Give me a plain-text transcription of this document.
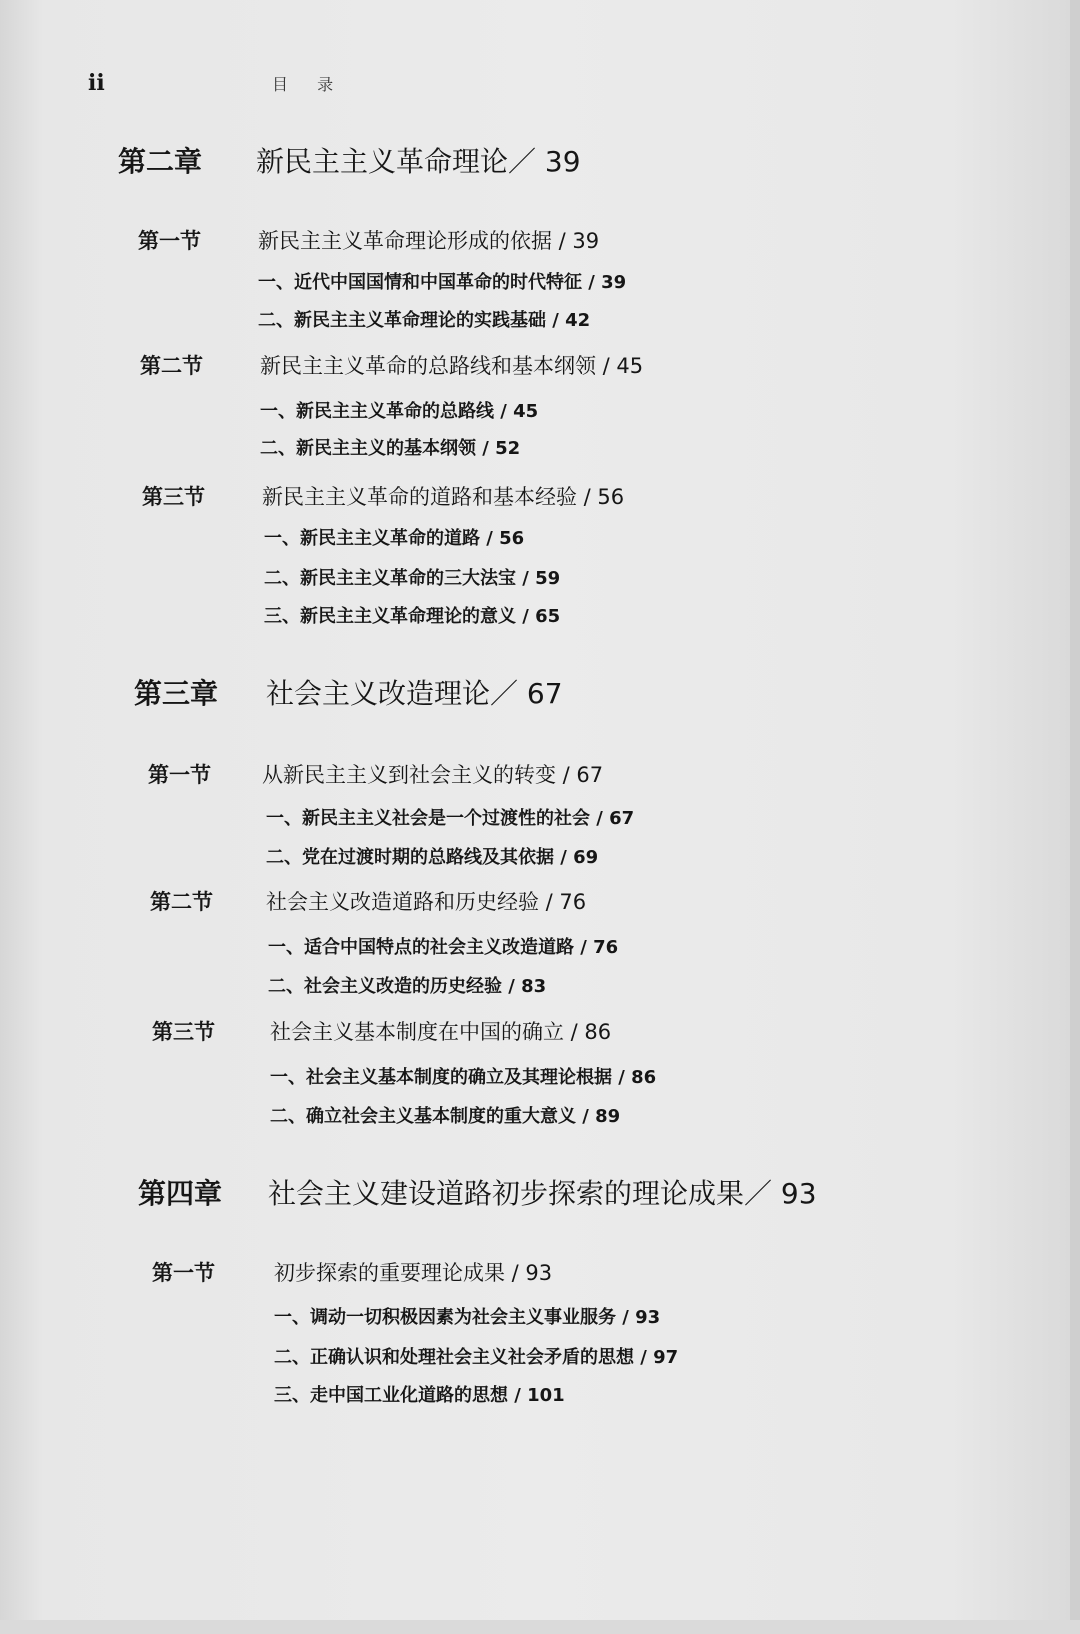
ii	目 录
第二章 新民主主义革命理论／ 39
第一节	新民主主义革命理论形成的依据 / 39
一、近代中国国情和中国革命的时代特征 / 39
二、新民主主义革命理论的实践基础 / 42
第二节	新民主主义革命的总路线和基本纲领 / 45
一、新民主主义革命的总路线 / 45
二、新民主主义的基本纲领 / 52
第三节	新民主主义革命的道路和基本经验 / 56
一、新民主主义革命的道路 / 56
二、新民主主义革命的三大法宝 / 59
三、新民主主义革命理论的意义 / 65
第三章 社会主义改造理论／ 67
第一节 从新民主主义到社会主义的转变 / 67
一、新民主主义社会是一个过渡性的社会 / 67
二、党在过渡时期的总路线及其依据 / 69
第二节	社会主义改造道路和历史经验 / 76
一、适合中国特点的社会主义改造道路 / 76
二、社会主义改造的历史经验 / 83
第三节	社会主义基本制度在中国的确立 / 86
一、社会主义基本制度的确立及其理论根据 / 86
二、确立社会主义基本制度的重大意义 / 89
第四章 社会主义建设道路初步探索的理论成果／ 93
第一节	初步探索的重要理论成果 / 93
一、调动一切积极因素为社会主义事业服务 / 93
二、正确认识和处理社会主义社会矛盾的思想 / 97
三、走中国工业化道路的思想 / 101
